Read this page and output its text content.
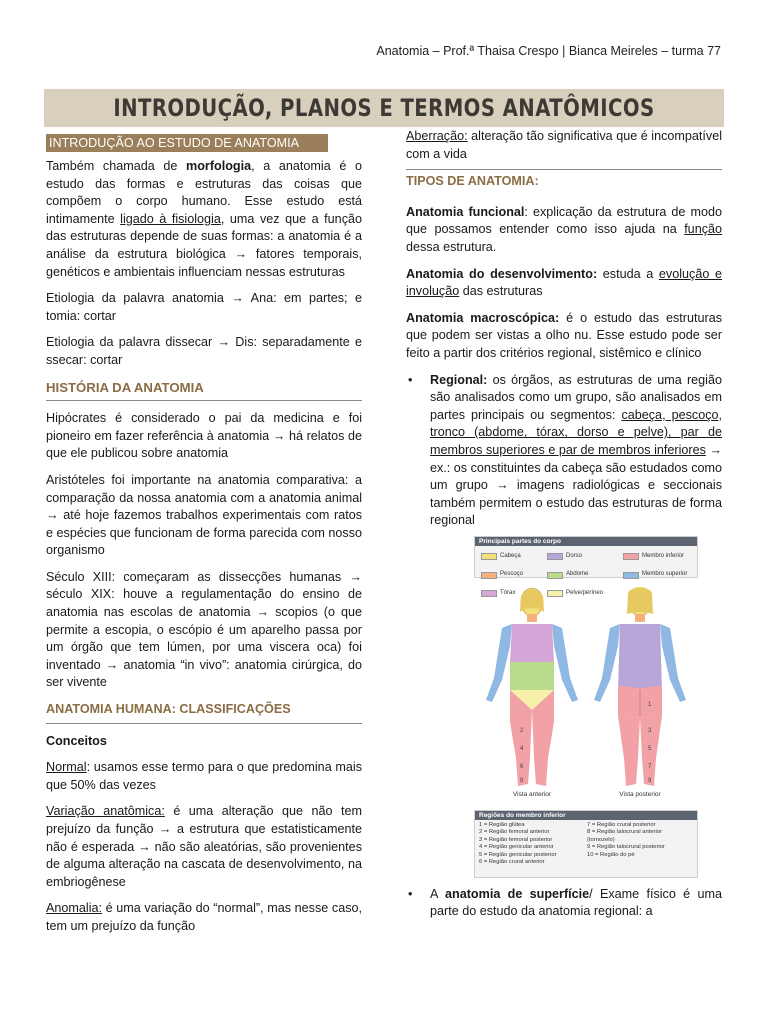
Anatomia – Prof.ª Thaisa Crespo | Bianca Meireles – turma 77
INTRODUÇÃO, PLANOS E TERMOS ANATÔMICOS
INTRODUÇÃO AO ESTUDO DE ANATOMIA

Também chamada de morfologia, a anatomia é o estudo das formas e estruturas das coisas que compõem o corpo humano. Esse estudo está intimamente ligado à fisiologia, uma vez que a função das estruturas depende de suas formas: a anatomia é a análise da estrutura biológica → fatores temporais, genéticos e ambientais influenciam nessas estruturas

Etiologia da palavra anatomia → Ana: em partes; e tomia: cortar

Etiologia da palavra dissecar → Dis: separadamente e ssecar: cortar

HISTÓRIA DA ANATOMIA

Hipócrates é considerado o pai da medicina e foi pioneiro em fazer referência à anatomia → há relatos de que ele publicou sobre anatomia

Aristóteles foi importante na anatomia comparativa: a comparação da nossa anatomia com a anatomia animal → até hoje fazemos trabalhos experimentais com ratos e espécies que funcionam de forma parecida com nosso organismo

Século XIII: começaram as dissecções humanas → século XIX: houve a regulamentação do ensino de anatomia nas escolas de anatomia → scopios (o que permite a escopia, o escópio é um aparelho passa por um órgão que tem lúmen, por uma viscera oca) foi inventado → anatomia “in vivo”: anatomia cirúrgica, do ser vivente

ANATOMIA HUMANA: CLASSIFICAÇÕES
Conceitos

Normal: usamos esse termo para o que predomina mais que 50% das vezes

Variação anatômica: é uma alteração que não tem prejuízo da função → a estrutura que estatisticamente não é esperada → não são aleatórias, são provenientes de alguma alteração na cascata de desenvolvimento, na embriogênese

Anomalia: é uma variação do “normal”, mas nesse caso, tem um prejuízo da função

Aberração: alteração tão significativa que é incompatível com a vida

TIPOS DE ANATOMIA:

Anatomia funcional: explicação da estrutura de modo que possamos entender como isso ajuda na função dessa estrutura.

Anatomia do desenvolvimento: estuda a evolução e involução das estruturas

Anatomia macroscópica: é o estudo das estruturas que podem ser vistas a olho nu. Esse estudo pode ser feito a partir dos critérios regional, sistêmico e clínico

• Regional: os órgãos, as estruturas de uma região são analisados como um grupo, são analisados em partes principais ou segmentos: cabeça, pescoço, tronco (abdome, tórax, dorso e pelve), par de membros superiores e par de membros inferiores → ex.: os constituintes da cabeça são estudados como um grupo → imagens radiológicas e seccionais também permitem o estudo das estruturas de forma regional
Principais partes do corpo
Cabeça	Dorso	Membro inferior
Pescoço	Abdome	Membro superior
Tórax	Pelve/períneo
2
4
6
8
Vista anterior
1
3
5
7
9
Vista posterior
Regiões do membro inferior
1 = Região glútea	7 = Região crural posterior
2 = Região femoral anterior	8 = Região talocrural anterior
3 = Região femoral posterior	(tornozelo)
4 = Região genicular anterior	9 = Região talocrural posterior
5 = Região genicular posterior	10 = Região do pé
6 = Região crural anterior
• A anatomia de superfície/ Exame físico é uma parte do estudo da anatomia regional: a
